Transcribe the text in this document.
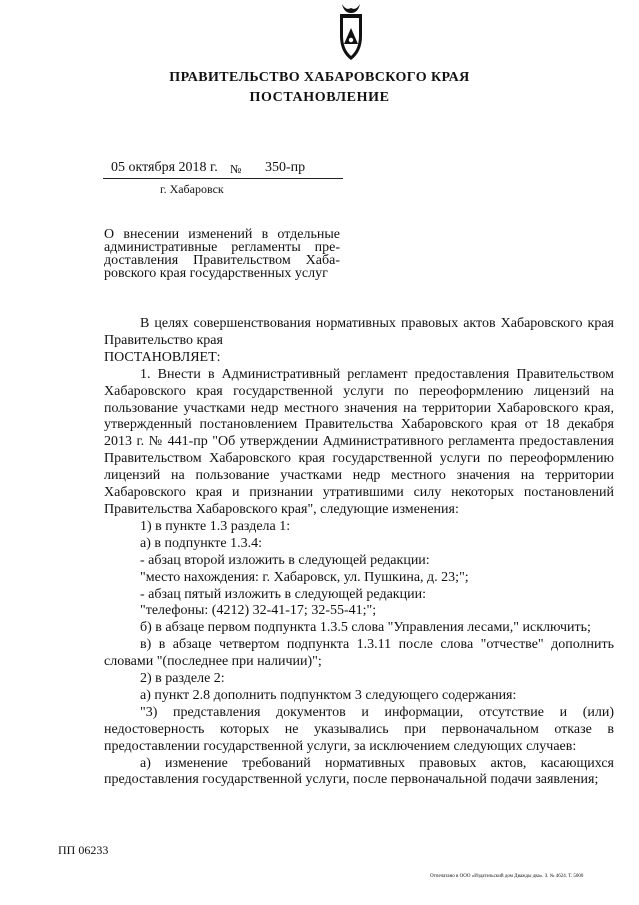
ПРАВИТЕЛЬСТВО ХАБАРОВСКОГО КРАЯ
ПОСТАНОВЛЕНИЕ
05 октября 2018 г. № 350-пр
г. Хабаровск
О внесении изменений в отдельные
административные регламенты пре-
доставления Правительством Хаба-
ровского края государственных услуг

В целях совершенствования нормативных правовых актов Хабаровского края Правительство края

ПОСТАНОВЛЯЕТ:

1. Внести в Административный регламент предоставления Правительством Хабаровского края государственной услуги по переоформлению лицензий на пользование участками недр местного значения на территории Хабаровского края, утвержденный постановлением Правительства Хабаровского края от 18 декабря 2013 г. № 441-пр "Об утверждении Административного регламента предоставления Правительством Хабаровского края государственной услуги по переоформлению лицензий на пользование участками недр местного значения на территории Хабаровского края и признании утратившими силу некоторых постановлений Правительства Хабаровского края", следующие изменения:

1) в пункте 1.3 раздела 1:

а) в подпункте 1.3.4:

- абзац второй изложить в следующей редакции:

"место нахождения: г. Хабаровск, ул. Пушкина, д. 23;";

- абзац пятый изложить в следующей редакции:

"телефоны: (4212) 32-41-17; 32-55-41;";

б) в абзаце первом подпункта 1.3.5 слова "Управления лесами," исключить;

в) в абзаце четвертом подпункта 1.3.11 после слова "отчестве" дополнить словами "(последнее при наличии)";

2) в разделе 2:

а) пункт 2.8 дополнить подпунктом 3 следующего содержания:

"3) представления документов и информации, отсутствие и (или) недостоверность которых не указывались при первоначальном отказе в предоставлении государственной услуги, за исключением следующих случаев:

а) изменение требований нормативных правовых актов, касающихся предоставления государственной услуги, после первоначальной подачи заявления;

ПП 06233
Отпечатано в ООО «Издательский дом Дважды два». З. № 4624. Т. 5000
